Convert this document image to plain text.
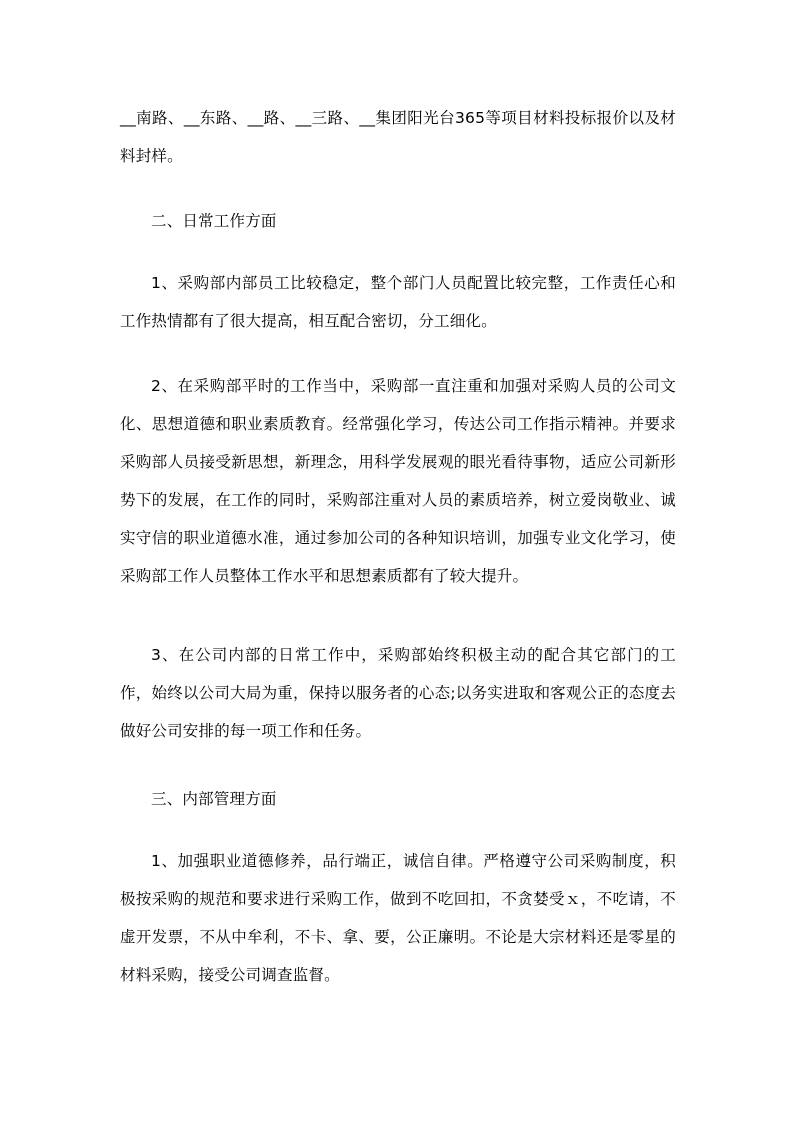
__南路、__东路、__路、__三路、__集团阳光台365等项目材料投标报价以及材料封样。

二、日常工作方面

1、采购部内部员工比较稳定，整个部门人员配置比较完整，工作责任心和工作热情都有了很大提高，相互配合密切，分工细化。

2、在采购部平时的工作当中，采购部一直注重和加强对采购人员的公司文化、思想道德和职业素质教育。经常强化学习，传达公司工作指示精神。并要求采购部人员接受新思想，新理念，用科学发展观的眼光看待事物，适应公司新形势下的发展，在工作的同时，采购部注重对人员的素质培养，树立爱岗敬业、诚实守信的职业道德水准，通过参加公司的各种知识培训，加强专业文化学习，使采购部工作人员整体工作水平和思想素质都有了较大提升。

3、在公司内部的日常工作中，采购部始终积极主动的配合其它部门的工作，始终以公司大局为重，保持以服务者的心态;以务实进取和客观公正的态度去做好公司安排的每一项工作和任务。

三、内部管理方面

1、加强职业道德修养，品行端正，诚信自律。严格遵守公司采购制度，积极按采购的规范和要求进行采购工作，做到不吃回扣，不贪婪受ｘ，不吃请，不虚开发票，不从中牟利，不卡、拿、要，公正廉明。不论是大宗材料还是零星的材料采购，接受公司调查监督。
